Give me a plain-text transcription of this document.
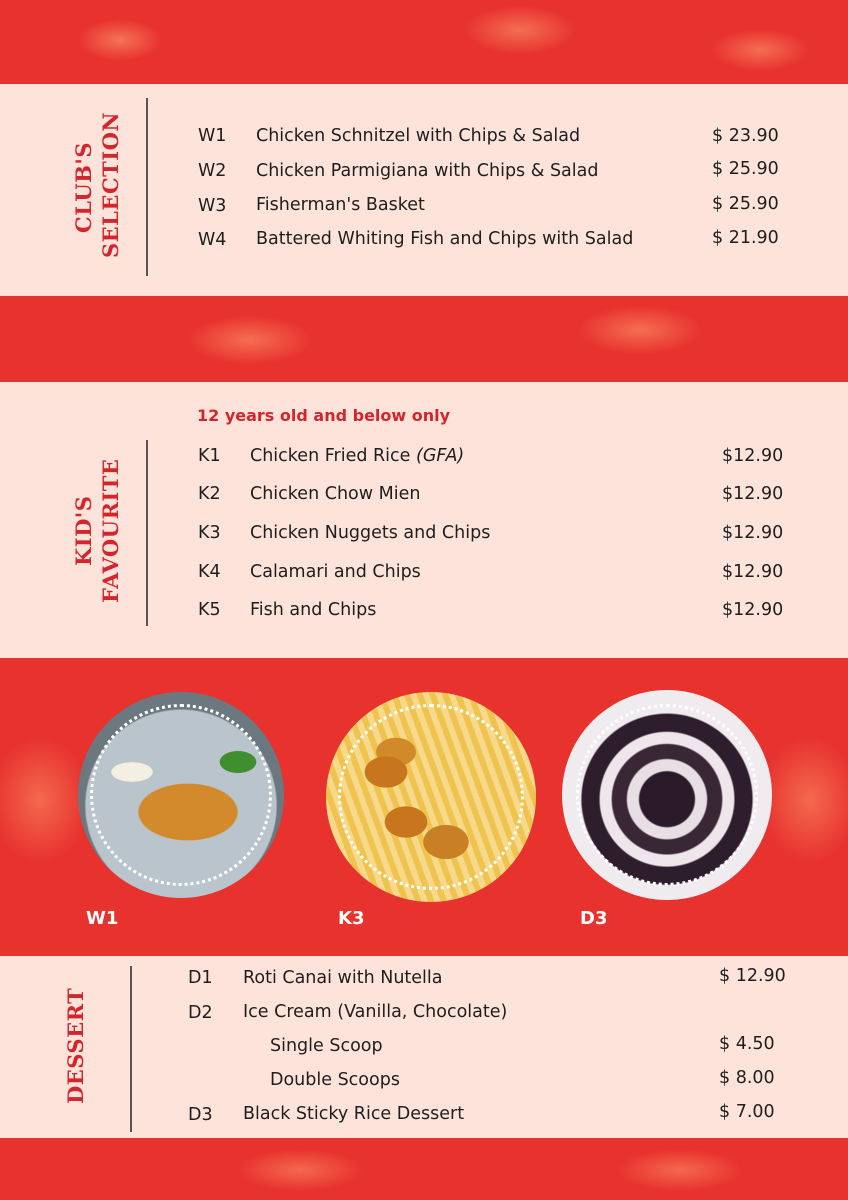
CLUB'S
SELECTION	W1 Chicken Schnitzel with Chips & Salad	$ 23.90
W2 Chicken Parmigiana with Chips & Salad	$ 25.90
W3 Fisherman's Basket	$ 25.90
W4 Battered Whiting Fish and Chips with Salad	$ 21.90
12 years old and below only
KID'S
FAVOURITE
K1 Chicken Fried Rice (GFA)	$12.90
K2 Chicken Chow Mien	$12.90
K3 Chicken Nuggets and Chips	$12.90
K4 Calamari and Chips	$12.90
K5 Fish and Chips	$12.90
W1	K3	D3
DESSERT
D1 Roti Canai with Nutella	$ 12.90
D2 Ice Cream (Vanilla, Chocolate)
Single Scoop	$ 4.50
Double Scoops	$ 8.00
D3 Black Sticky Rice Dessert	$ 7.00
